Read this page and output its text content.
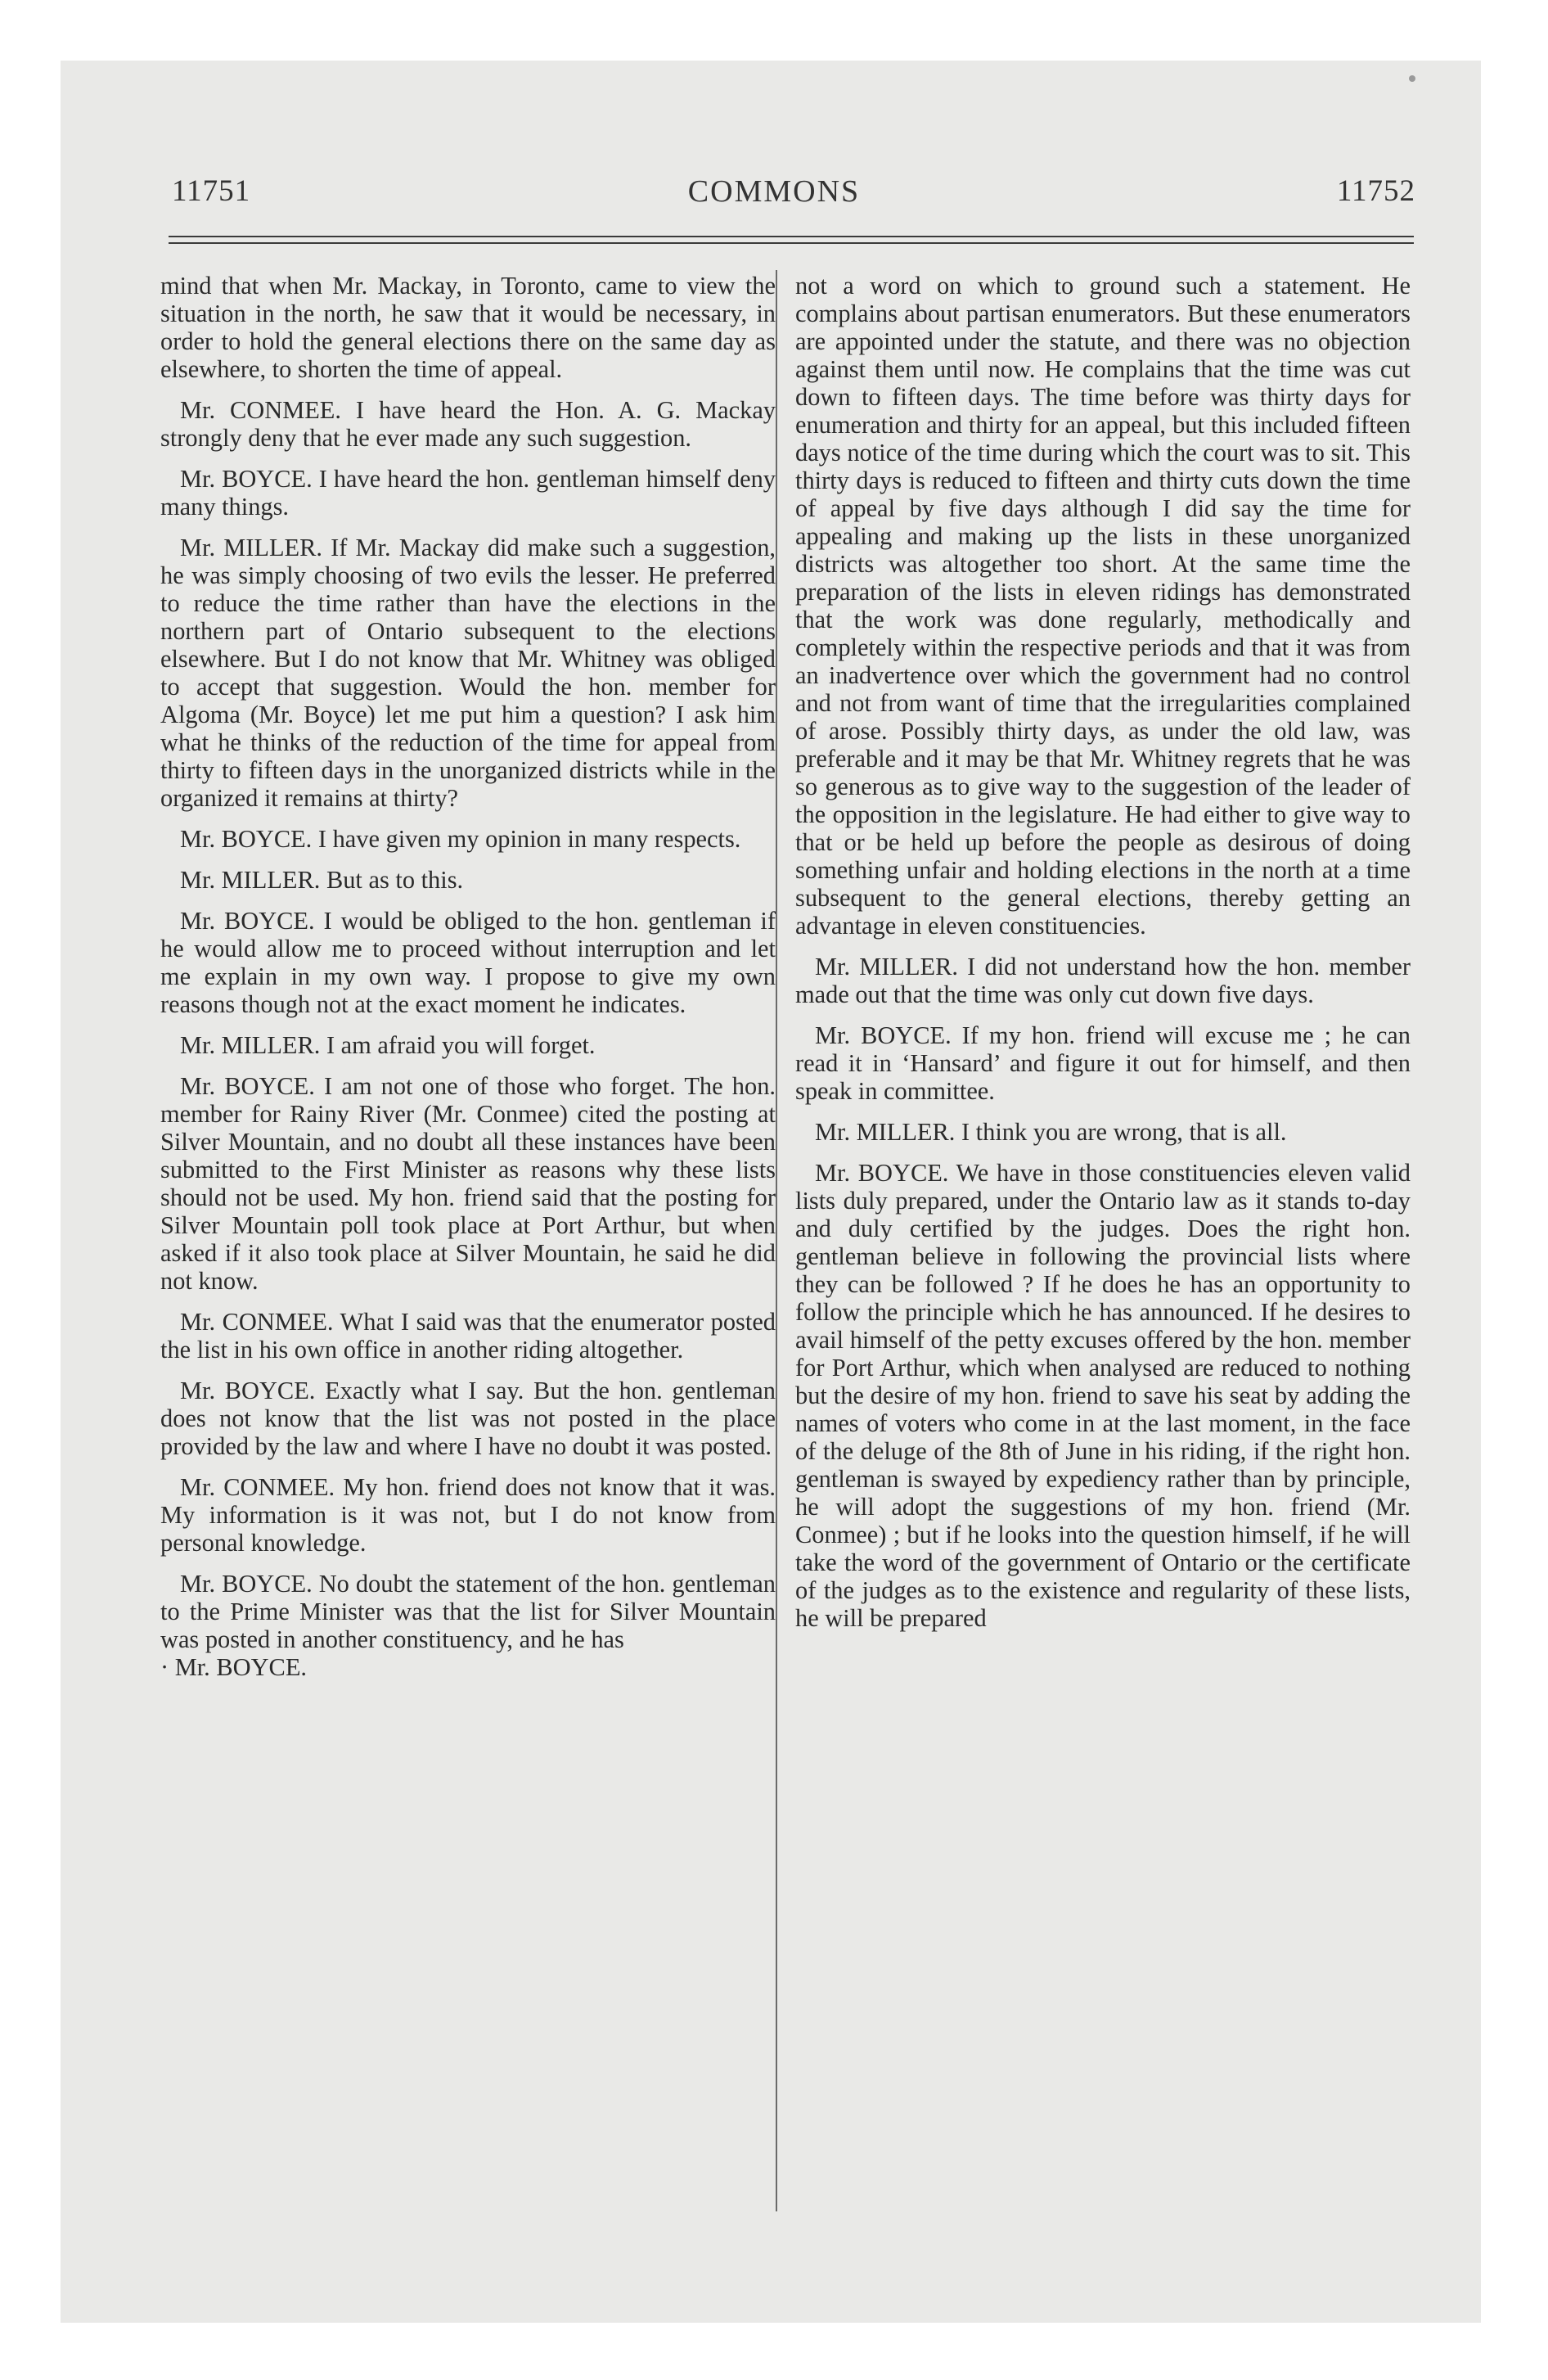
11751	COMMONS	11752

mind that when Mr. Mackay, in Toronto, came to view the situation in the north, he saw that it would be necessary, in order to hold the general elections there on the same day as elsewhere, to shorten the time of appeal.

Mr. CONMEE. I have heard the Hon. A. G. Mackay strongly deny that he ever made any such suggestion.

Mr. BOYCE. I have heard the hon. gentleman himself deny many things.

Mr. MILLER. If Mr. Mackay did make such a suggestion, he was simply choosing of two evils the lesser. He preferred to reduce the time rather than have the elections in the northern part of Ontario subsequent to the elections elsewhere. But I do not know that Mr. Whitney was obliged to accept that suggestion. Would the hon. member for Algoma (Mr. Boyce) let me put him a question? I ask him what he thinks of the reduction of the time for appeal from thirty to fifteen days in the unorganized districts while in the organized it remains at thirty?

Mr. BOYCE. I have given my opinion in many respects.

Mr. MILLER. But as to this.

Mr. BOYCE. I would be obliged to the hon. gentleman if he would allow me to proceed without interruption and let me explain in my own way. I propose to give my own reasons though not at the exact moment he indicates.

Mr. MILLER. I am afraid you will forget.

Mr. BOYCE. I am not one of those who forget. The hon. member for Rainy River (Mr. Conmee) cited the posting at Silver Mountain, and no doubt all these instances have been submitted to the First Minister as reasons why these lists should not be used. My hon. friend said that the posting for Silver Mountain poll took place at Port Arthur, but when asked if it also took place at Silver Mountain, he said he did not know.

Mr. CONMEE. What I said was that the enumerator posted the list in his own office in another riding altogether.

Mr. BOYCE. Exactly what I say. But the hon. gentleman does not know that the list was not posted in the place provided by the law and where I have no doubt it was posted.

Mr. CONMEE. My hon. friend does not know that it was. My information is it was not, but I do not know from personal knowledge.

Mr. BOYCE. No doubt the statement of the hon. gentleman to the Prime Minister was that the list for Silver Mountain was posted in another constituency, and he has

· Mr. BOYCE.

not a word on which to ground such a statement. He complains about partisan enumerators. But these enumerators are appointed under the statute, and there was no objection against them until now. He complains that the time was cut down to fifteen days. The time before was thirty days for enumeration and thirty for an appeal, but this included fifteen days notice of the time during which the court was to sit. This thirty days is reduced to fifteen and thirty cuts down the time of appeal by five days although I did say the time for appealing and making up the lists in these unorganized districts was altogether too short. At the same time the preparation of the lists in eleven ridings has demonstrated that the work was done regularly, methodically and completely within the respective periods and that it was from an inadvertence over which the government had no control and not from want of time that the irregularities complained of arose. Possibly thirty days, as under the old law, was preferable and it may be that Mr. Whitney regrets that he was so generous as to give way to the suggestion of the leader of the opposition in the legislature. He had either to give way to that or be held up before the people as desirous of doing something unfair and holding elections in the north at a time subsequent to the general elections, thereby getting an advantage in eleven constituencies.

Mr. MILLER. I did not understand how the hon. member made out that the time was only cut down five days.

Mr. BOYCE. If my hon. friend will excuse me ; he can read it in ‘Hansard’ and figure it out for himself, and then speak in committee.

Mr. MILLER. I think you are wrong, that is all.

Mr. BOYCE. We have in those constituencies eleven valid lists duly prepared, under the Ontario law as it stands to-day and duly certified by the judges. Does the right hon. gentleman believe in following the provincial lists where they can be followed ? If he does he has an opportunity to follow the principle which he has announced. If he desires to avail himself of the petty excuses offered by the hon. member for Port Arthur, which when analysed are reduced to nothing but the desire of my hon. friend to save his seat by adding the names of voters who come in at the last moment, in the face of the deluge of the 8th of June in his riding, if the right hon. gentleman is swayed by expediency rather than by principle, he will adopt the suggestions of my hon. friend (Mr. Conmee) ; but if he looks into the question himself, if he will take the word of the government of Ontario or the certificate of the judges as to the existence and regularity of these lists, he will be prepared
